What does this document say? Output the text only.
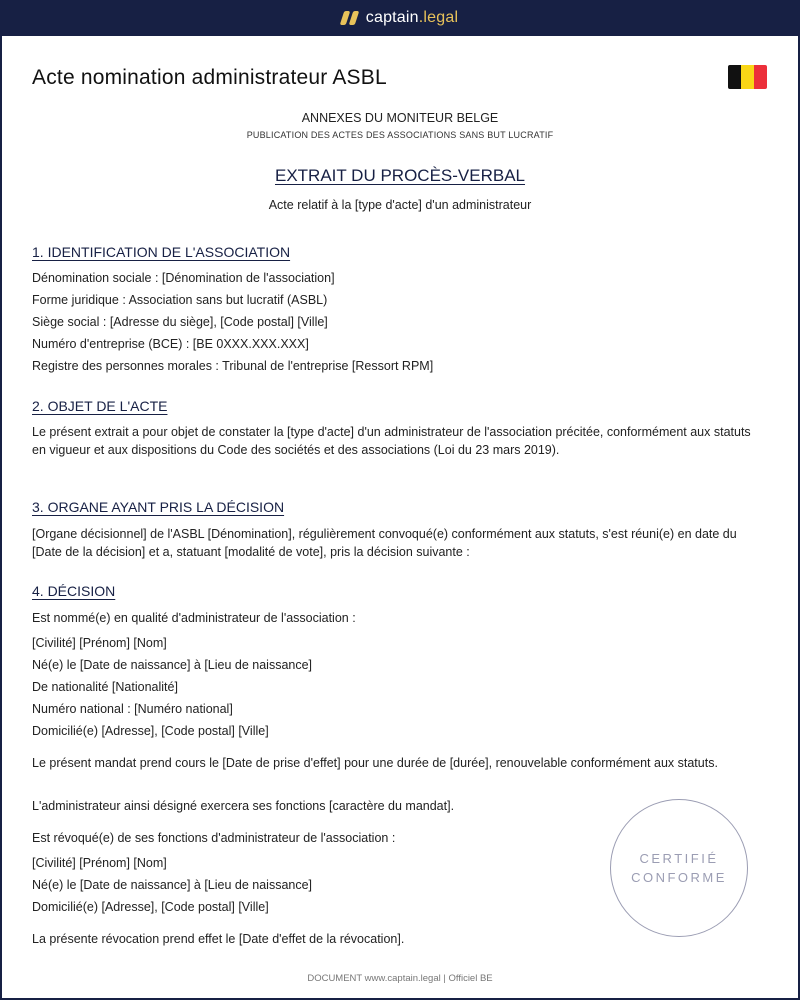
captain.legal
Acte nomination administrateur ASBL
ANNEXES DU MONITEUR BELGE
PUBLICATION DES ACTES DES ASSOCIATIONS SANS BUT LUCRATIF
EXTRAIT DU PROCÈS-VERBAL
Acte relatif à la [type d'acte] d'un administrateur
1. IDENTIFICATION DE L'ASSOCIATION
Dénomination sociale : [Dénomination de l'association]
Forme juridique : Association sans but lucratif (ASBL)
Siège social : [Adresse du siège], [Code postal] [Ville]
Numéro d'entreprise (BCE) : [BE 0XXX.XXX.XXX]
Registre des personnes morales : Tribunal de l'entreprise [Ressort RPM]
2. OBJET DE L'ACTE
Le présent extrait a pour objet de constater la [type d'acte] d'un administrateur de l'association précitée, conformément aux statuts en vigueur et aux dispositions du Code des sociétés et des associations (Loi du 23 mars 2019).
3. ORGANE AYANT PRIS LA DÉCISION
[Organe décisionnel] de l'ASBL [Dénomination], régulièrement convoqué(e) conformément aux statuts, s'est réuni(e) en date du [Date de la décision] et a, statuant [modalité de vote], pris la décision suivante :
4. DÉCISION
Est nommé(e) en qualité d'administrateur de l'association :
[Civilité] [Prénom] [Nom]
Né(e) le [Date de naissance] à [Lieu de naissance]
De nationalité [Nationalité]
Numéro national : [Numéro national]
Domicilié(e) [Adresse], [Code postal] [Ville]
Le présent mandat prend cours le [Date de prise d'effet] pour une durée de [durée], renouvelable conformément aux statuts.
L'administrateur ainsi désigné exercera ses fonctions [caractère du mandat].
Est révoqué(e) de ses fonctions d'administrateur de l'association :
[Civilité] [Prénom] [Nom]
Né(e) le [Date de naissance] à [Lieu de naissance]
Domicilié(e) [Adresse], [Code postal] [Ville]
La présente révocation prend effet le [Date d'effet de la révocation].
CERTIFIÉ
CONFORME
DOCUMENT www.captain.legal | Officiel BE
